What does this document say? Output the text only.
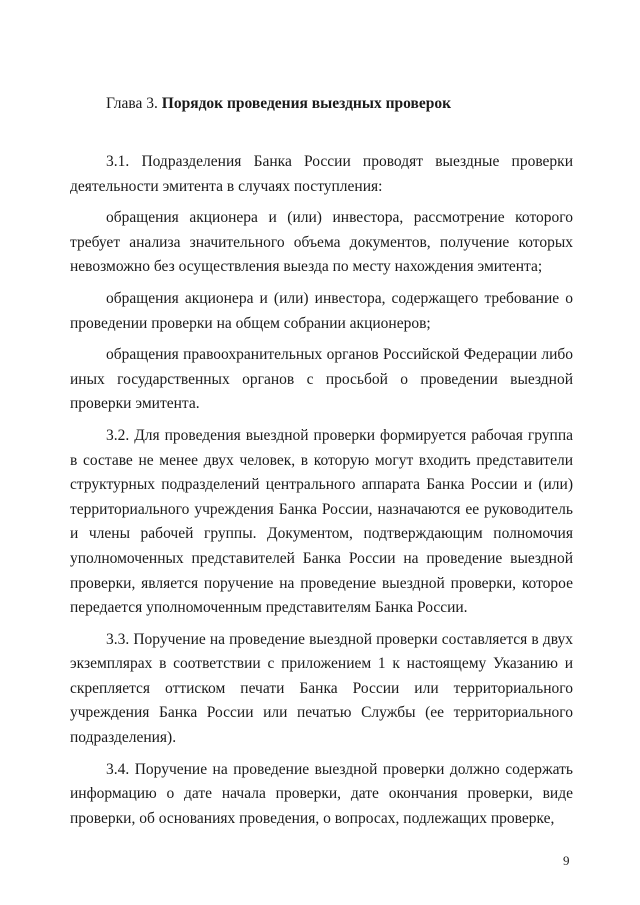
Глава 3. Порядок проведения выездных проверок

3.1. Подразделения Банка России проводят выездные проверки деятельности эмитента в случаях поступления:

обращения акционера и (или) инвестора, рассмотрение которого требует анализа значительного объема документов, получение которых невозможно без осуществления выезда по месту нахождения эмитента;

обращения акционера и (или) инвестора, содержащего требование о проведении проверки на общем собрании акционеров;

обращения правоохранительных органов Российской Федерации либо иных государственных органов с просьбой о проведении выездной проверки эмитента.

3.2. Для проведения выездной проверки формируется рабочая группа в составе не менее двух человек, в которую могут входить представители структурных подразделений центрального аппарата Банка России и (или) территориального учреждения Банка России, назначаются ее руководитель и члены рабочей группы. Документом, подтверждающим полномочия уполномоченных представителей Банка России на проведение выездной проверки, является поручение на проведение выездной проверки, которое передается уполномоченным представителям Банка России.

3.3. Поручение на проведение выездной проверки составляется в двух экземплярах в соответствии с приложением 1 к настоящему Указанию и скрепляется оттиском печати Банка России или территориального учреждения Банка России или печатью Службы (ее территориального подразделения).

3.4. Поручение на проведение выездной проверки должно содержать информацию о дате начала проверки, дате окончания проверки, виде проверки, об основаниях проведения, о вопросах, подлежащих проверке,

9
